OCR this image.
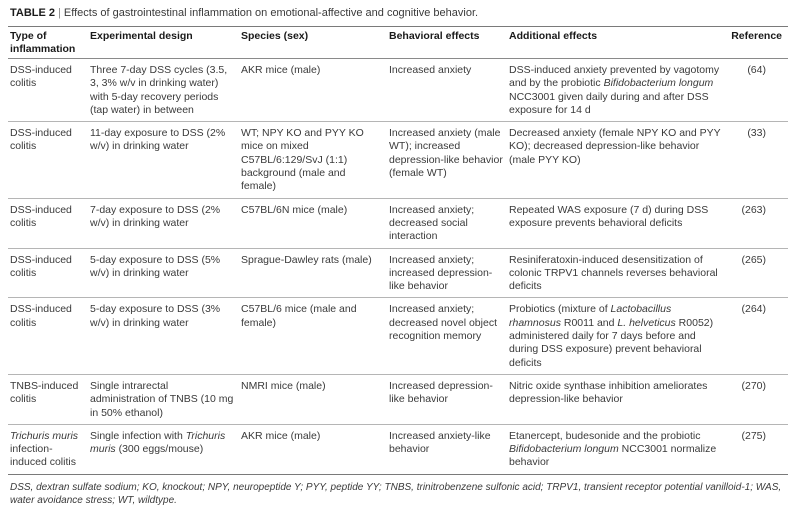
TABLE 2 | Effects of gastrointestinal inflammation on emotional-affective and cognitive behavior.
Type of inflammation	Experimental design	Species (sex)	Behavioral effects	Additional effects	Reference
DSS-induced colitis	Three 7-day DSS cycles (3.5, 3, 3% w/v in drinking water) with 5-day recovery periods (tap water) in between	AKR mice (male)	Increased anxiety	DSS-induced anxiety prevented by vagotomy and by the probiotic Bifidobacterium longum NCC3001 given daily during and after DSS exposure for 14 d	(64)
DSS-induced colitis	11-day exposure to DSS (2% w/v) in drinking water	WT; NPY KO and PYY KO mice on mixed C57BL/6:129/SvJ (1:1) background (male and female)	Increased anxiety (male WT); increased depression-like behavior (female WT)	Decreased anxiety (female NPY KO and PYY KO); decreased depression-like behavior (male PYY KO)	(33)
DSS-induced colitis	7-day exposure to DSS (2% w/v) in drinking water	C57BL/6N mice (male)	Increased anxiety; decreased social interaction	Repeated WAS exposure (7 d) during DSS exposure prevents behavioral deficits	(263)
DSS-induced colitis	5-day exposure to DSS (5% w/v) in drinking water	Sprague-Dawley rats (male)	Increased anxiety; increased depression-like behavior	Resiniferatoxin-induced desensitization of colonic TRPV1 channels reverses behavioral deficits	(265)
DSS-induced colitis	5-day exposure to DSS (3% w/v) in drinking water	C57BL/6 mice (male and female)	Increased anxiety; decreased novel object recognition memory	Probiotics (mixture of Lactobacillus rhamnosus R0011 and L. helveticus R0052) administered daily for 7 days before and during DSS exposure) prevent behavioral deficits	(264)
TNBS-induced colitis	Single intrarectal administration of TNBS (10 mg in 50% ethanol)	NMRI mice (male)	Increased depression-like behavior	Nitric oxide synthase inhibition ameliorates depression-like behavior	(270)
Trichuris muris infection-induced colitis	Single infection with Trichuris muris (300 eggs/mouse)	AKR mice (male)	Increased anxiety-like behavior	Etanercept, budesonide and the probiotic Bifidobacterium longum NCC3001 normalize behavior	(275)
DSS, dextran sulfate sodium; KO, knockout; NPY, neuropeptide Y; PYY, peptide YY; TNBS, trinitrobenzene sulfonic acid; TRPV1, transient receptor potential vanilloid-1; WAS, water avoidance stress; WT, wildtype.
